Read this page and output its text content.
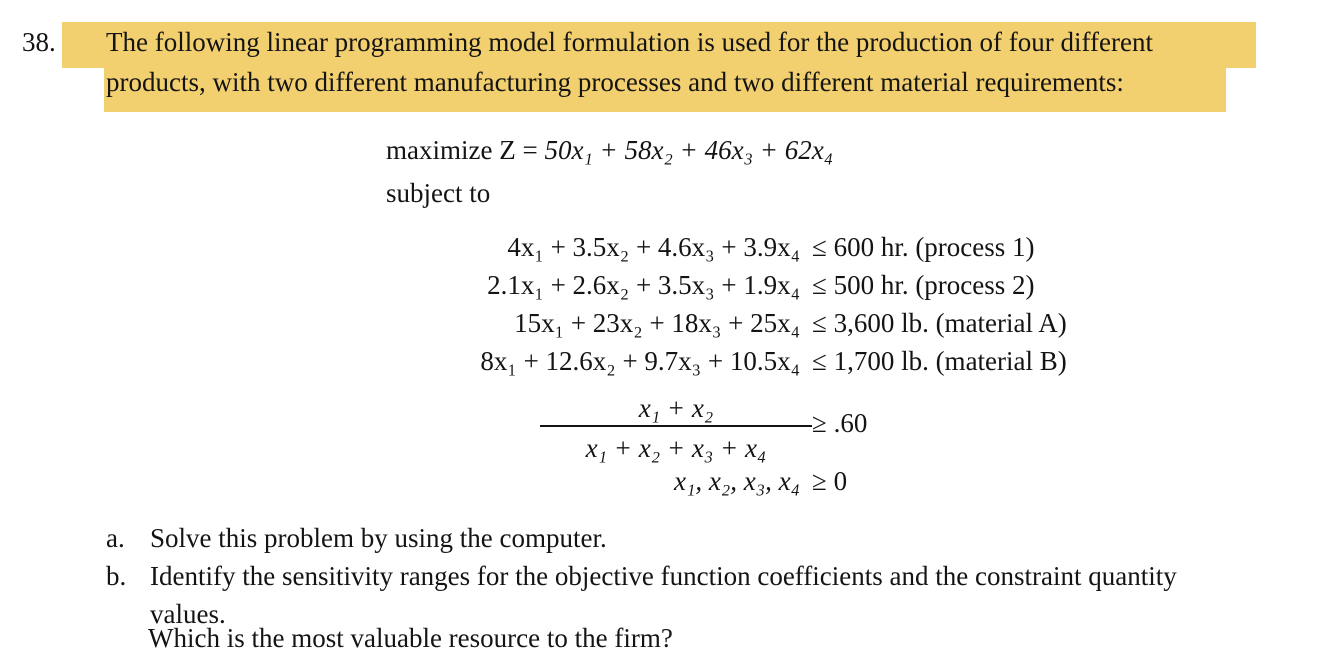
38. The following linear programming model formulation is used for the production of four different
products, with two different manufacturing processes and two different material requirements:
maximize Z = 50x₁ + 58x₂ + 46x₃ + 62x₄
subject to
4x₁ + 3.5x₂ + 4.6x₃ + 3.9x₄ ≤ 600 hr. (process 1)
2.1x₁ + 2.6x₂ + 3.5x₃ + 1.9x₄ ≤ 500 hr. (process 2)
15x₁ + 23x₂ + 18x₃ + 25x₄ ≤ 3,600 lb. (material A)
8x₁ + 12.6x₂ + 9.7x₃ + 10.5x₄ ≤ 1,700 lb. (material B)
x₁ + x₂
x₁ + x₂ + x₃ + x₄
≥ .60
x₁, x₂, x₃, x₄ ≥ 0
a. Solve this problem by using the computer.
b. Identify the sensitivity ranges for the objective function coefficients and the constraint quantity
values.
Which is the most valuable resource to the firm?
